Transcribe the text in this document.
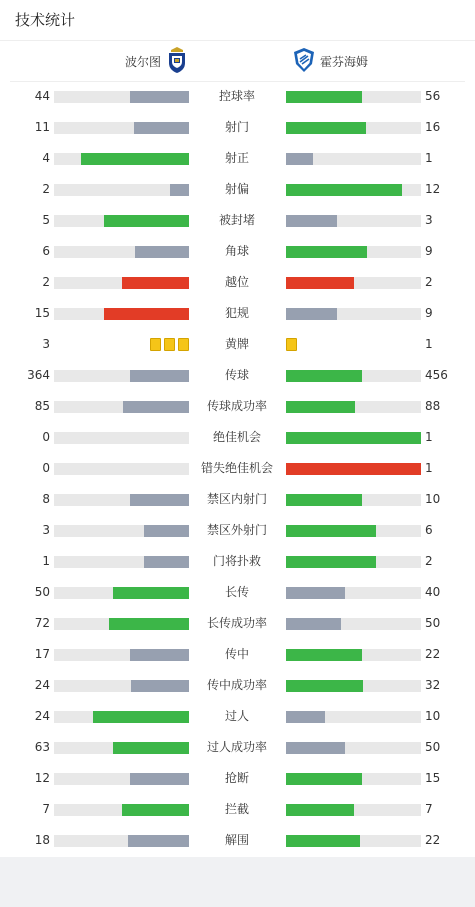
技术统计
波尔图	霍芬海姆
44	控球率	56
11	射门	16
4	射正	1
2	射偏	12
5	被封堵	3
6	角球	9
2	越位	2
15	犯规	9
3	黄牌	1
364	传球	456
85	传球成功率	88
0	绝佳机会	1
0	错失绝佳机会	1
8	禁区内射门	10
3	禁区外射门	6
1	门将扑救	2
50	长传	40
72	长传成功率	50
17	传中	22
24	传中成功率	32
24	过人	10
63	过人成功率	50
12	抢断	15
7	拦截	7
18	解围	22
